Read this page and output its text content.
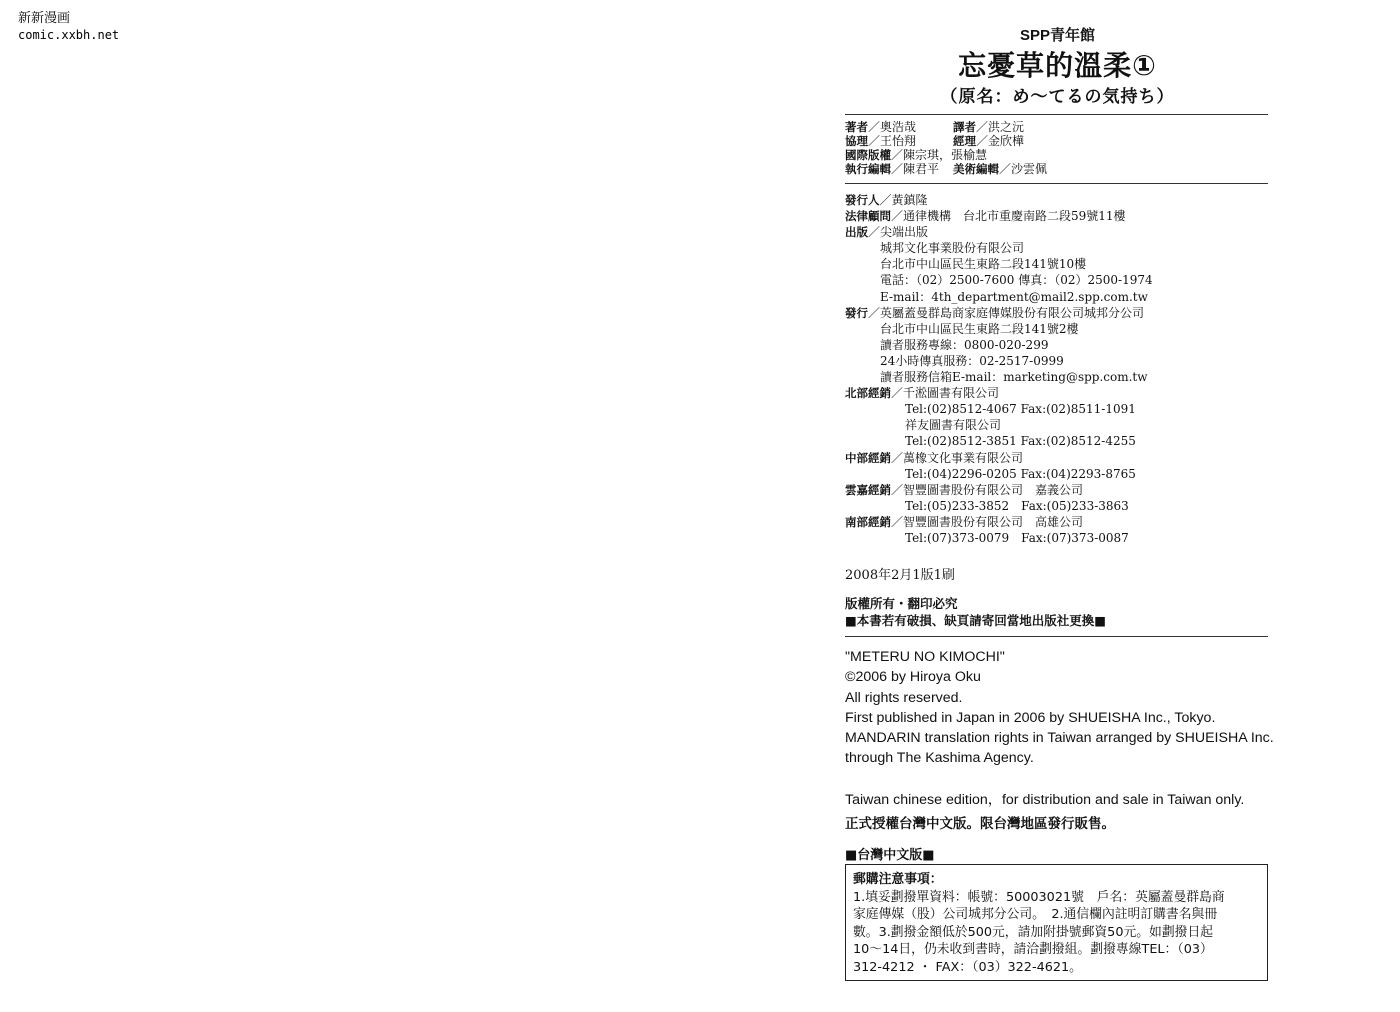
新新漫画
comic.xxbh.net	SPP青年館
忘憂草的溫柔①
（原名：め〜てるの気持ち）
著者／奧浩哉	譯者／洪之沅
協理／王怡翔	經理／金欣樺
國際版權／陳宗琪，張榆慧
執行編輯／陳君平 美術編輯／沙雲佩
發行人／黃鎮隆
法律顧問／通律機構　台北市重慶南路二段59號11樓
出版／尖端出版
城邦文化事業股份有限公司
台北市中山區民生東路二段141號10樓
電話：（02）2500-7600 傳真：（02）2500-1974
E-mail：4th_department@mail2.spp.com.tw
發行／英屬蓋曼群島商家庭傳媒股份有限公司城邦分公司
台北市中山區民生東路二段141號2樓
讀者服務專線：0800-020-299
24小時傳真服務：02-2517-0999
讀者服務信箱E-mail：marketing@spp.com.tw
北部經銷／千淞圖書有限公司
Tel:(02)8512-4067 Fax:(02)8511-1091
祥友圖書有限公司
Tel:(02)8512-3851 Fax:(02)8512-4255
中部經銷／萬橡文化事業有限公司
Tel:(04)2296-0205 Fax:(04)2293-8765
雲嘉經銷／智豐圖書股份有限公司　嘉義公司
Tel:(05)233-3852　Fax:(05)233-3863
南部經銷／智豐圖書股份有限公司　高雄公司
Tel:(07)373-0079　Fax:(07)373-0087
2008年2月1版1刷
版權所有・翻印必究
■本書若有破損、缺頁請寄回當地出版社更換■
"METERU NO KIMOCHI"
©2006 by Hiroya Oku
All rights reserved.
First published in Japan in 2006 by SHUEISHA Inc., Tokyo.
MANDARIN translation rights in Taiwan arranged by SHUEISHA Inc.
through The Kashima Agency.
Taiwan chinese edition，for distribution and sale in Taiwan only.
正式授權台灣中文版。限台灣地區發行販售。
■台灣中文版■
郵購注意事項：
1.填妥劃撥單資料：帳號：50003021號　戶名：英屬蓋曼群島商
家庭傳媒（股）公司城邦分公司。　2.通信欄內註明訂購書名與冊
數。3.劃撥金額低於500元，請加附掛號郵資50元。如劃撥日起
10～14日，仍未收到書時，請洽劃撥組。劃撥專線TEL：（03）
312-4212 ・ FAX：（03）322-4621。
